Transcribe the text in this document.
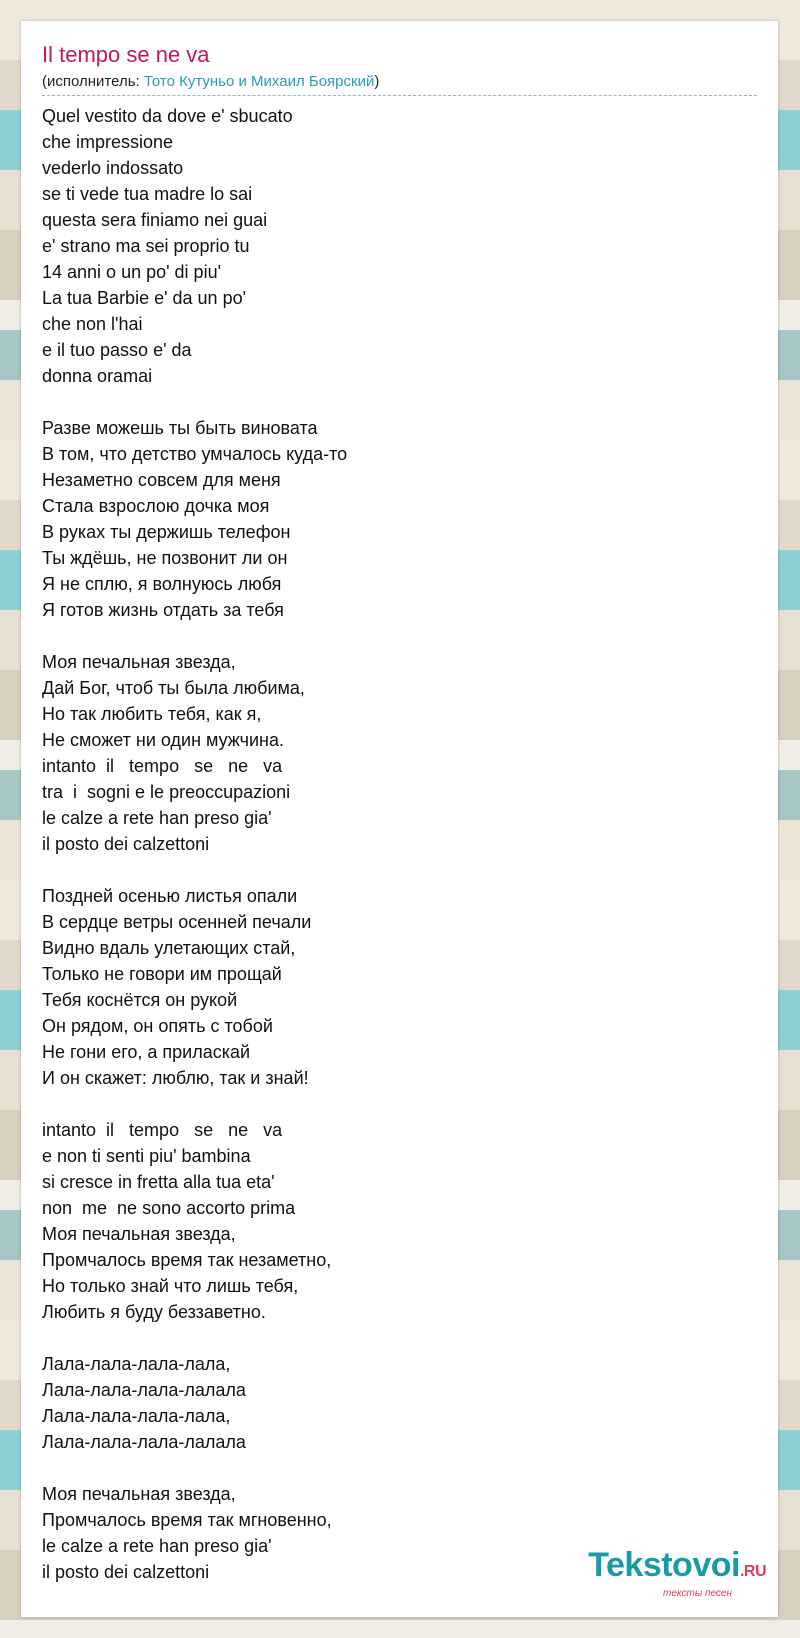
Il tempo se ne va
(исполнитель: Тото Кутуньо и Михаил Боярский)
Quel vestito da dove e' sbucato
che impressione
vederlo indossato
se ti vede tua madre lo sai
questa sera finiamo nei guai
e' strano ma sei proprio tu
14 anni o un po' di piu'
La tua Barbie e' da un po'
che non l'hai
e il tuo passo e' da
donna oramai
Разве можешь ты быть виновата
В том, что детство умчалось куда-то
Незаметно совсем для меня
Стала взрослою дочка моя
В руках ты держишь телефон
Ты ждёшь, не позвонит ли он
Я не сплю, я волнуюсь любя
Я готов жизнь отдать за тебя
Моя печальная звезда,
Дай Бог, чтоб ты была любима,
Но так любить тебя, как я,
Не сможет ни один мужчина.
intanto  il   tempo   se   ne   va
tra  i  sogni e le preoccupazioni
le calze a rete han preso gia'
il posto dei calzettoni
Поздней осенью листья опали
В сердце ветры осенней печали
Видно вдаль улетающих стай,
Только не говори им прощай
Тебя коснётся он рукой
Он рядом, он опять с тобой
Не гони его, а приласкай
И он скажет: люблю, так и знай!
intanto  il   tempo   se   ne   va
e non ti senti piu' bambina
si cresce in fretta alla tua eta'
non  me  ne sono accorto prima
Моя печальная звезда,
Промчалось время так незаметно,
Но только знай что лишь тебя,
Любить я буду беззаветно.
Лала-лала-лала-лала,
Лала-лала-лала-лалала
Лала-лала-лала-лала,
Лала-лала-лала-лалала
Моя печальная звезда,
Промчалось время так мгновенно,
le calze a rete han preso gia'
il posto dei calzettoni	Tekstovoi.RU
тексты песен
